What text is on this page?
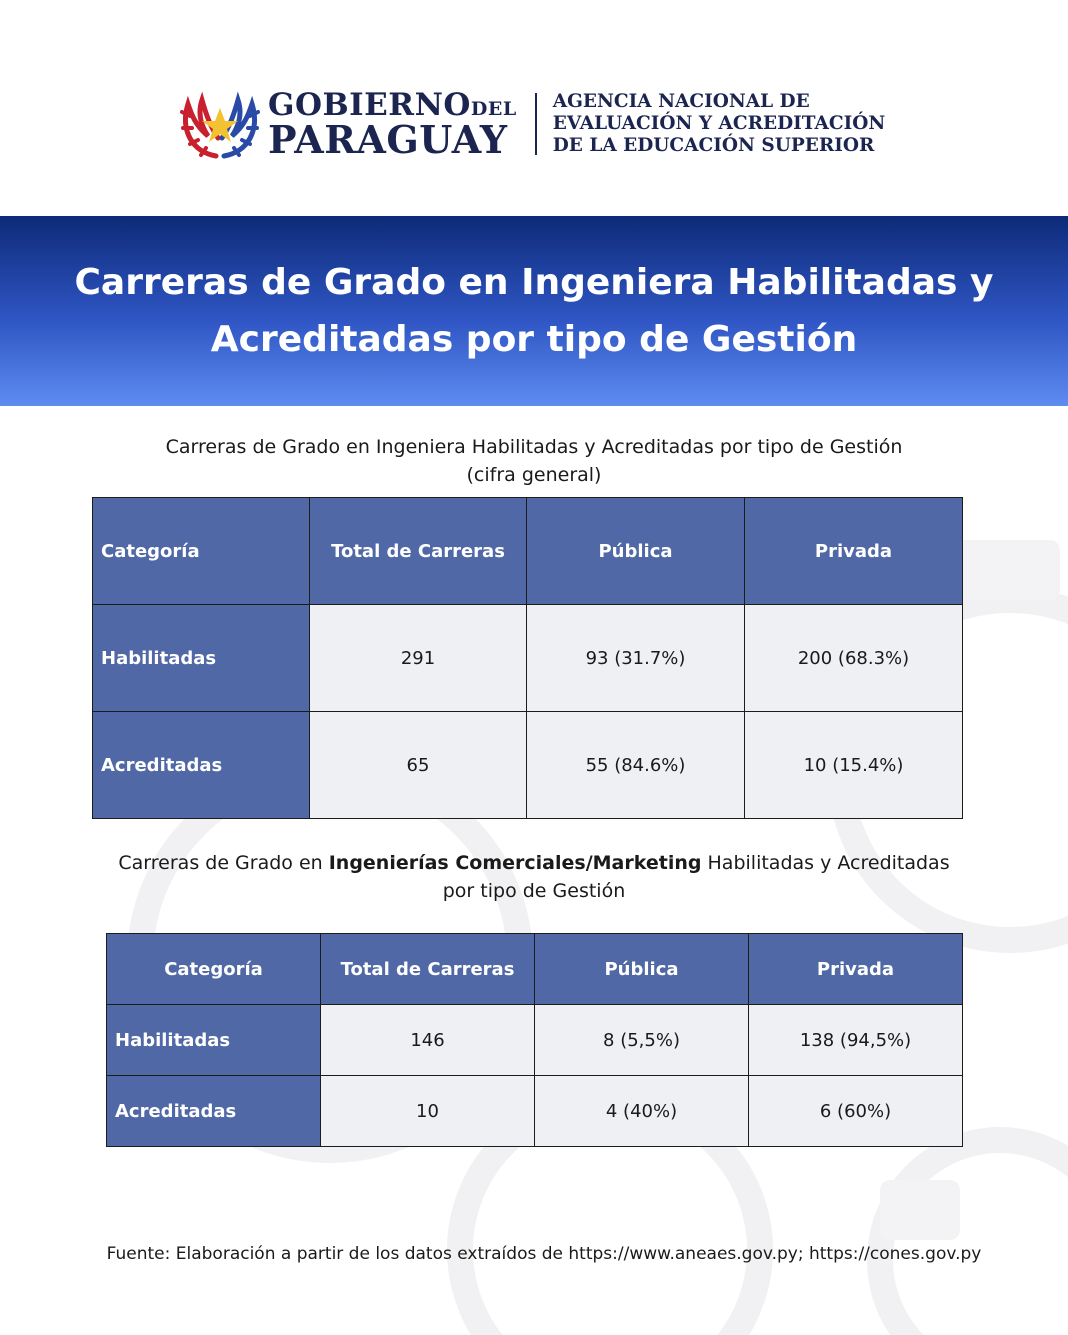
GOBIERNODEL
PARAGUAY
AGENCIA NACIONAL DE
EVALUACIÓN Y ACREDITACIÓN
DE LA EDUCACIÓN SUPERIOR
Carreras de Grado en Ingeniera Habilitadas y
Acreditadas por tipo de Gestión
Carreras de Grado en Ingeniera Habilitadas y Acreditadas por tipo de Gestión
(cifra general)
Categoría	Total de Carreras	Pública	Privada
Habilitadas	291	93 (31.7%)	200 (68.3%)
Acreditadas	65	55 (84.6%)	10 (15.4%)
Carreras de Grado en Ingenierías Comerciales/Marketing Habilitadas y Acreditadas
por tipo de Gestión
Categoría	Total de Carreras	Pública	Privada
Habilitadas	146	8 (5,5%)	138 (94,5%)
Acreditadas	10	4 (40%)	6 (60%)
Fuente: Elaboración a partir de los datos extraídos de https://www.aneaes.gov.py; https://cones.gov.py
